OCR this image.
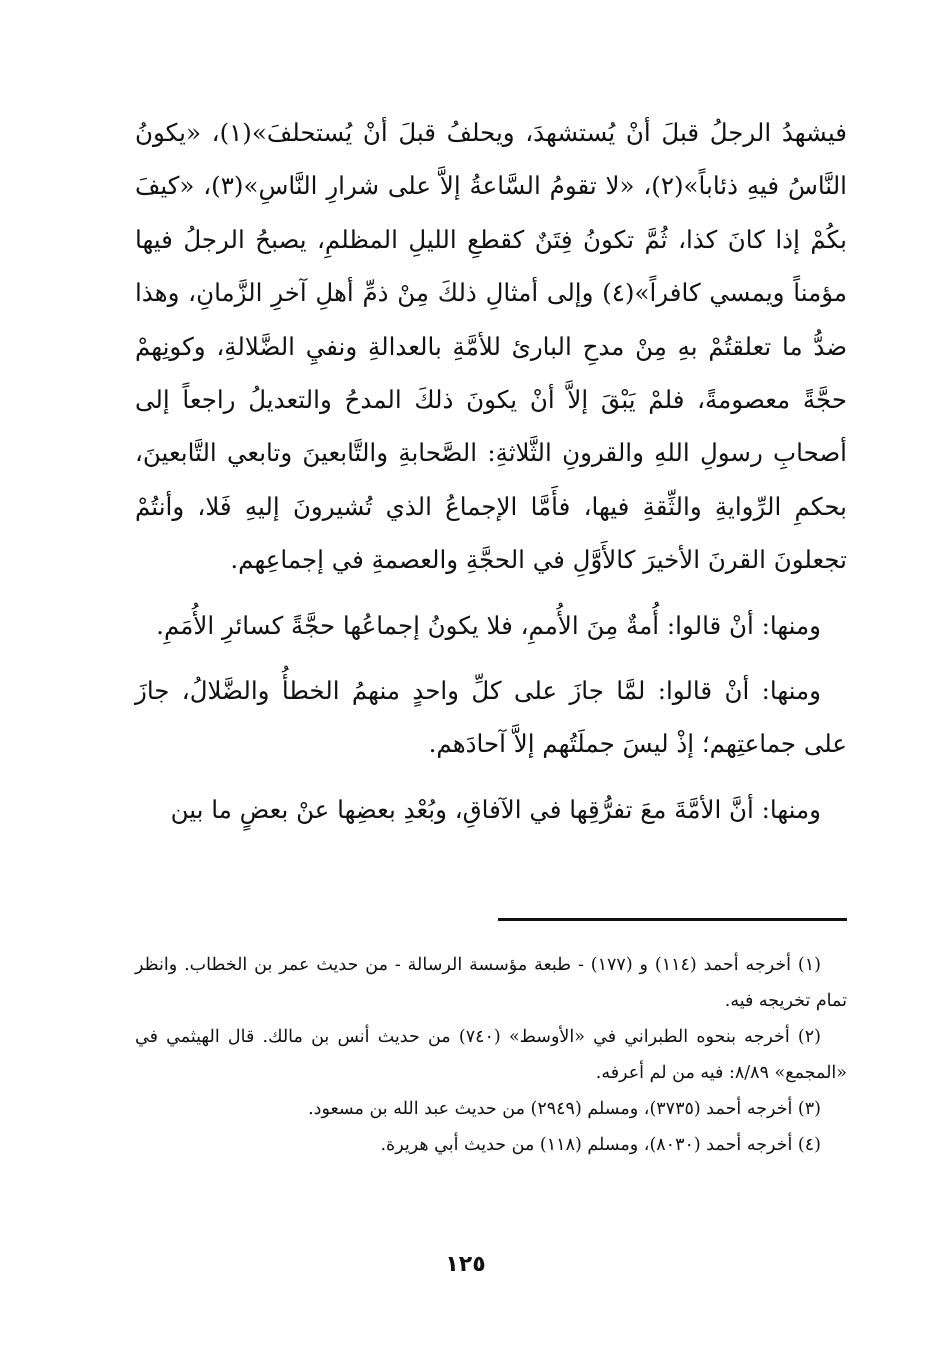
فيشهدُ الرجلُ قبلَ أنْ يُستشهدَ، ويحلفُ قبلَ أنْ يُستحلفَ»(١)، «يكونُ النَّاسُ فيهِ ذئاباً»(٢)، «لا تقومُ السَّاعةُ إلاَّ على شرارِ النَّاسِ»(٣)، «كيفَ بكُمْ إذا كانَ كذا، ثُمَّ تكونُ فِتَنٌ كقطعِ الليلِ المظلمِ، يصبحُ الرجلُ فيها مؤمناً ويمسي كافراً»(٤) وإلى أمثالِ ذلكَ مِنْ ذمِّ أهلِ آخرِ الزَّمانِ، وهذا ضدُّ ما تعلقتُمْ بهِ مِنْ مدحِ البارئ للأمَّةِ بالعدالةِ ونفيِ الضَّلالةِ، وكونِهمْ حجَّةً معصومةً، فلمْ يَبْقَ إلاَّ أنْ يكونَ ذلكَ المدحُ والتعديلُ راجعاً إلى أصحابِ رسولِ اللهِ والقرونِ الثَّلاثةِ: الصَّحابةِ والتَّابعينَ وتابعي التَّابعينَ، بحكمِ الرِّوايةِ والثِّقةِ فيها، فأَمَّا الإجماعُ الذي تُشيرونَ إليهِ فَلا، وأنتُمْ تجعلونَ القرنَ الأخيرَ كالأَوَّلِ في الحجَّةِ والعصمةِ في إجماعِهم.

ومنها: أنْ قالوا: أُمةٌ مِنَ الأُممِ، فلا يكونُ إجماعُها حجَّةً كسائرِ الأُمَمِ.

ومنها: أنْ قالوا: لمَّا جازَ على كلِّ واحدٍ منهمُ الخطأُ والضَّلالُ، جازَ على جماعتِهم؛ إذْ ليسَ جملَتُهم إلاَّ آحادَهم.

ومنها: أنَّ الأمَّةَ معَ تفرُّقِها في الآفاقِ، وبُعْدِ بعضِها عنْ بعضٍ ما بين

(١) أخرجه أحمد (١١٤) و (١٧٧) - طبعة مؤسسة الرسالة - من حديث عمر بن الخطاب. وانظر تمام تخريجه فيه.

(٢) أخرجه بنحوه الطبراني في «الأوسط» (٧٤٠) من حديث أنس بن مالك. قال الهيثمي في «المجمع» ٨/٨٩: فيه من لم أعرفه.

(٣) أخرجه أحمد (٣٧٣٥)، ومسلم (٢٩٤٩) من حديث عبد الله بن مسعود.

(٤) أخرجه أحمد (٨٠٣٠)، ومسلم (١١٨) من حديث أبي هريرة.

١٢٥
